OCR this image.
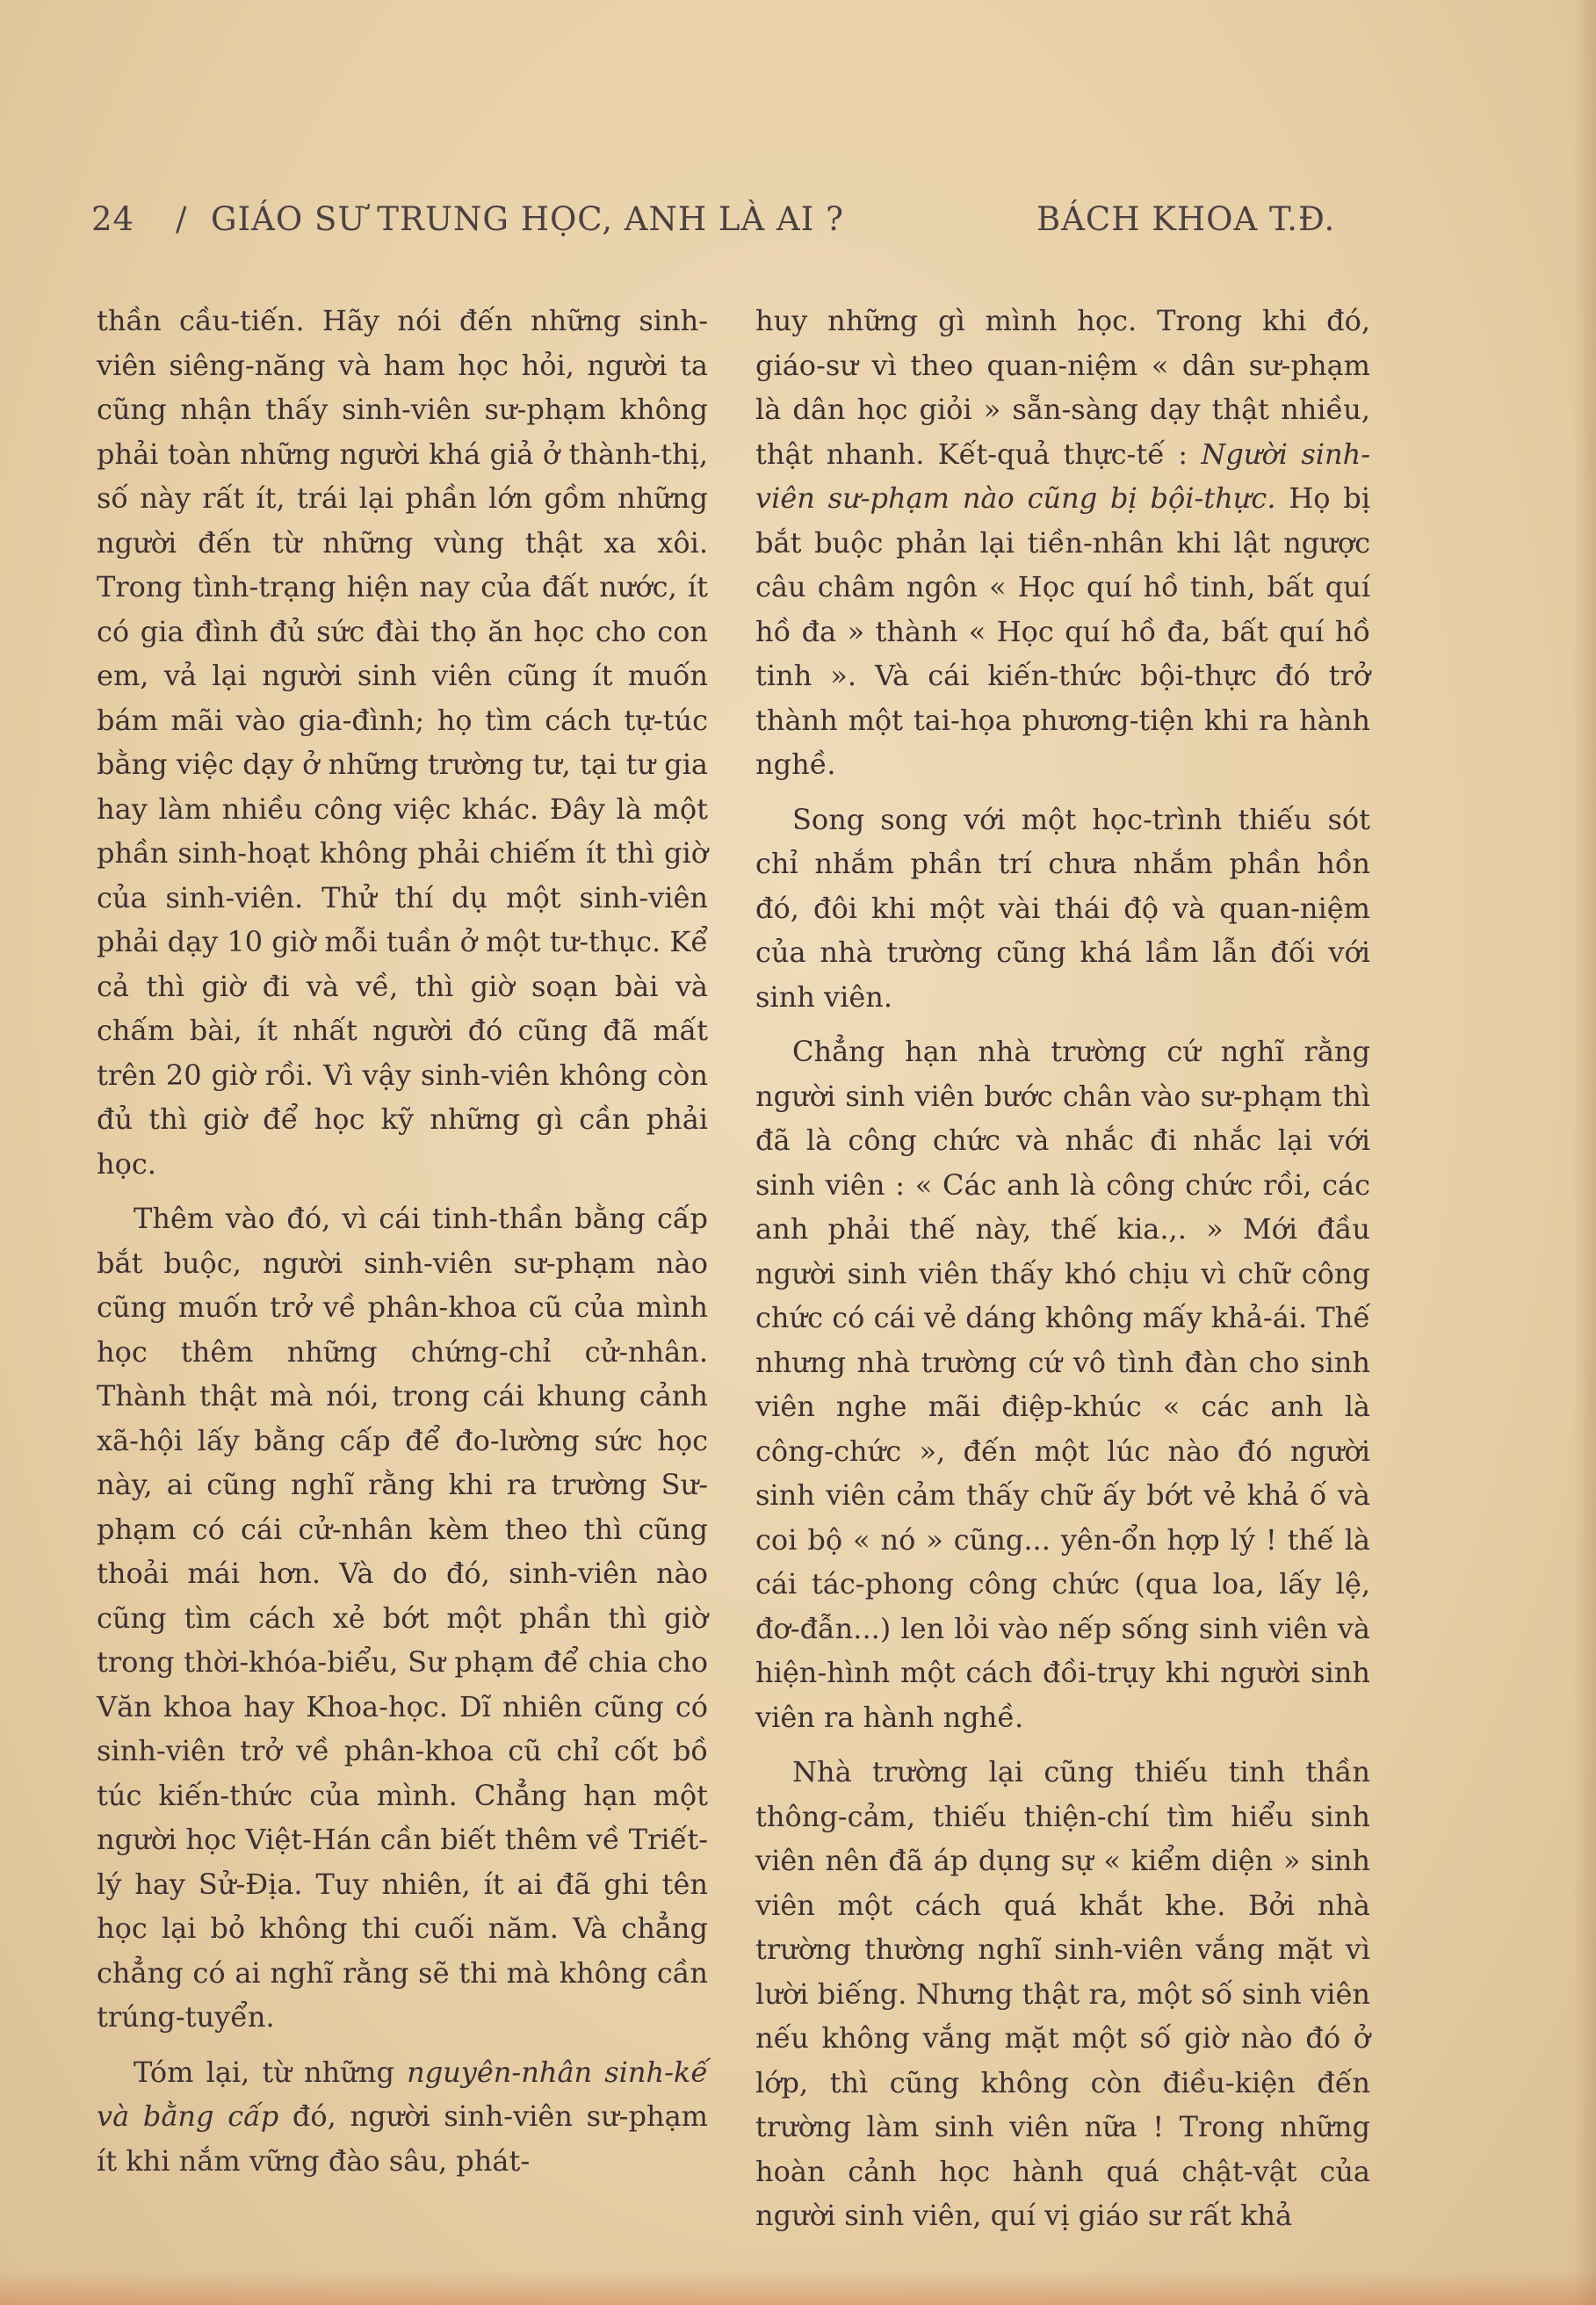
24 / GIÁO SƯ TRUNG HỌC, ANH LÀ AI ?	BÁCH KHOA T.Đ.

thần cầu-tiến. Hãy nói đến những sinh-viên siêng-năng và ham học hỏi, người ta cũng nhận thấy sinh-viên sư-phạm không phải toàn những người khá giả ở thành-thị, số này rất ít, trái lại phần lớn gồm những người đến từ những vùng thật xa xôi. Trong tình-trạng hiện nay của đất nước, ít có gia đình đủ sức đài thọ ăn học cho con em, vả lại người sinh viên cũng ít muốn bám mãi vào gia-đình; họ tìm cách tự-túc bằng việc dạy ở những trường tư, tại tư gia hay làm nhiều công việc khác. Đây là một phần sinh-hoạt không phải chiếm ít thì giờ của sinh-viên. Thử thí dụ một sinh-viên phải dạy 10 giờ mỗi tuần ở một tư-thục. Kể cả thì giờ đi và về, thì giờ soạn bài và chấm bài, ít nhất người đó cũng đã mất trên 20 giờ rồi. Vì vậy sinh-viên không còn đủ thì giờ để học kỹ những gì cần phải học.

Thêm vào đó, vì cái tinh-thần bằng cấp bắt buộc, người sinh-viên sư-phạm nào cũng muốn trở về phân-khoa cũ của mình học thêm những chứng-chỉ cử-nhân. Thành thật mà nói, trong cái khung cảnh xã-hội lấy bằng cấp để đo-lường sức học này, ai cũng nghĩ rằng khi ra trường Sư-phạm có cái cử-nhân kèm theo thì cũng thoải mái hơn. Và do đó, sinh-viên nào cũng tìm cách xẻ bớt một phần thì giờ trong thời-khóa-biểu, Sư phạm để chia cho Văn khoa hay Khoa-học. Dĩ nhiên cũng có sinh-viên trở về phân-khoa cũ chỉ cốt bồ túc kiến-thức của mình. Chẳng hạn một người học Việt-Hán cần biết thêm về Triết-lý hay Sử-Địa. Tuy nhiên, ít ai đã ghi tên học lại bỏ không thi cuối năm. Và chẳng chẳng có ai nghĩ rằng sẽ thi mà không cần trúng-tuyển.

Tóm lại, từ những nguyên-nhân sinh-kế và bằng cấp đó, người sinh-viên sư-phạm ít khi nắm vững đào sâu, phát-

huy những gì mình học. Trong khi đó, giáo-sư vì theo quan-niệm « dân sư-phạm là dân học giỏi » sẵn-sàng dạy thật nhiều, thật nhanh. Kết-quả thực-tế : Người sinh-viên sư-phạm nào cũng bị bội-thực. Họ bị bắt buộc phản lại tiền-nhân khi lật ngược câu châm ngôn « Học quí hồ tinh, bất quí hồ đa » thành « Học quí hồ đa, bất quí hồ tinh ». Và cái kiến-thức bội-thực đó trở thành một tai-họa phương-tiện khi ra hành nghề.

Song song với một học-trình thiếu sót chỉ nhắm phần trí chưa nhắm phần hồn đó, đôi khi một vài thái độ và quan-niệm của nhà trường cũng khá lầm lẫn đối với sinh viên.

Chẳng hạn nhà trường cứ nghĩ rằng người sinh viên bước chân vào sư-phạm thì đã là công chức và nhắc đi nhắc lại với sinh viên : « Các anh là công chức rồi, các anh phải thế này, thế kia.,. » Mới đầu người sinh viên thấy khó chịu vì chữ công chức có cái vẻ dáng không mấy khả-ái. Thế nhưng nhà trường cứ vô tình đàn cho sinh viên nghe mãi điệp-khúc « các anh là công-chức », đến một lúc nào đó người sinh viên cảm thấy chữ ấy bớt vẻ khả ố và coi bộ « nó » cũng... yên-ổn hợp lý ! thế là cái tác-phong công chức (qua loa, lấy lệ, đơ-đẫn...) len lỏi vào nếp sống sinh viên và hiện-hình một cách đồi-trụy khi người sinh viên ra hành nghề.

Nhà trường lại cũng thiếu tinh thần thông-cảm, thiếu thiện-chí tìm hiểu sinh viên nên đã áp dụng sự « kiểm diện » sinh viên một cách quá khắt khe. Bởi nhà trường thường nghĩ sinh-viên vắng mặt vì lười biếng. Nhưng thật ra, một số sinh viên nếu không vắng mặt một số giờ nào đó ở lớp, thì cũng không còn điều-kiện đến trường làm sinh viên nữa ! Trong những hoàn cảnh học hành quá chật-vật của người sinh viên, quí vị giáo sư rất khả
